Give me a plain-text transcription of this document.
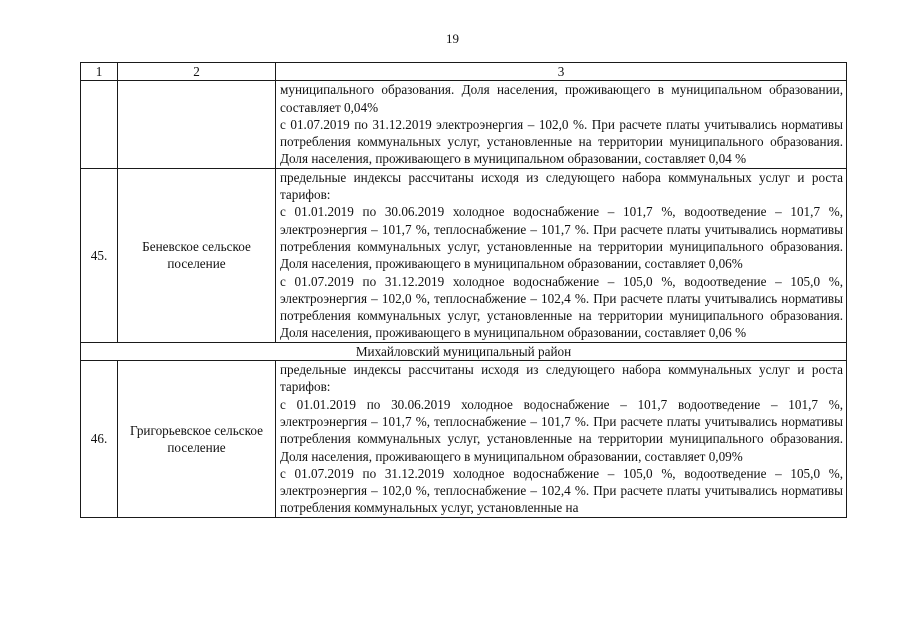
19
1	2	3

		муниципального образования. Доля населения, проживающего в муниципальном образовании, составляет 0,04%

с 01.07.2019 по 31.12.2019 электроэнергия – 102,0 %. При расчете платы учитывались нормативы потребления коммунальных услуг, установленные на территории муниципального образования. Доля населения, проживающего в муниципальном образовании, составляет 0,04 %

45.	Беневское сельское поселение	предельные индексы рассчитаны исходя из следующего набора коммунальных услуг и роста тарифов:

с 01.01.2019 по 30.06.2019 холодное водоснабжение – 101,7 %, водоотведение – 101,7 %, электроэнергия – 101,7 %, теплоснабжение – 101,7 %. При расчете платы учитывались нормативы потребления коммунальных услуг, установленные на территории муниципального образования. Доля населения, проживающего в муниципальном образовании, составляет 0,06%

с 01.07.2019 по 31.12.2019 холодное водоснабжение – 105,0 %, водоотведение – 105,0 %, электроэнергия – 102,0 %, теплоснабжение – 102,4 %. При расчете платы учитывались нормативы потребления коммунальных услуг, установленные на территории муниципального образования. Доля населения, проживающего в муниципальном образовании, составляет 0,06 %

Михайловский муниципальный район		
46.	Григорьевское сельское поселение	предельные индексы рассчитаны исходя из следующего набора коммунальных услуг и роста тарифов:

с 01.01.2019 по 30.06.2019 холодное водоснабжение – 101,7 водоотведение – 101,7 %, электроэнергия – 101,7 %, теплоснабжение – 101,7 %. При расчете платы учитывались нормативы потребления коммунальных услуг, установленные на территории муниципального образования. Доля населения, проживающего в муниципальном образовании, составляет 0,09%

с 01.07.2019 по 31.12.2019 холодное водоснабжение – 105,0 %, водоотведение – 105,0 %, электроэнергия – 102,0 %, теплоснабжение – 102,4 %. При расчете платы учитывались нормативы потребления коммунальных услуг, установленные на
